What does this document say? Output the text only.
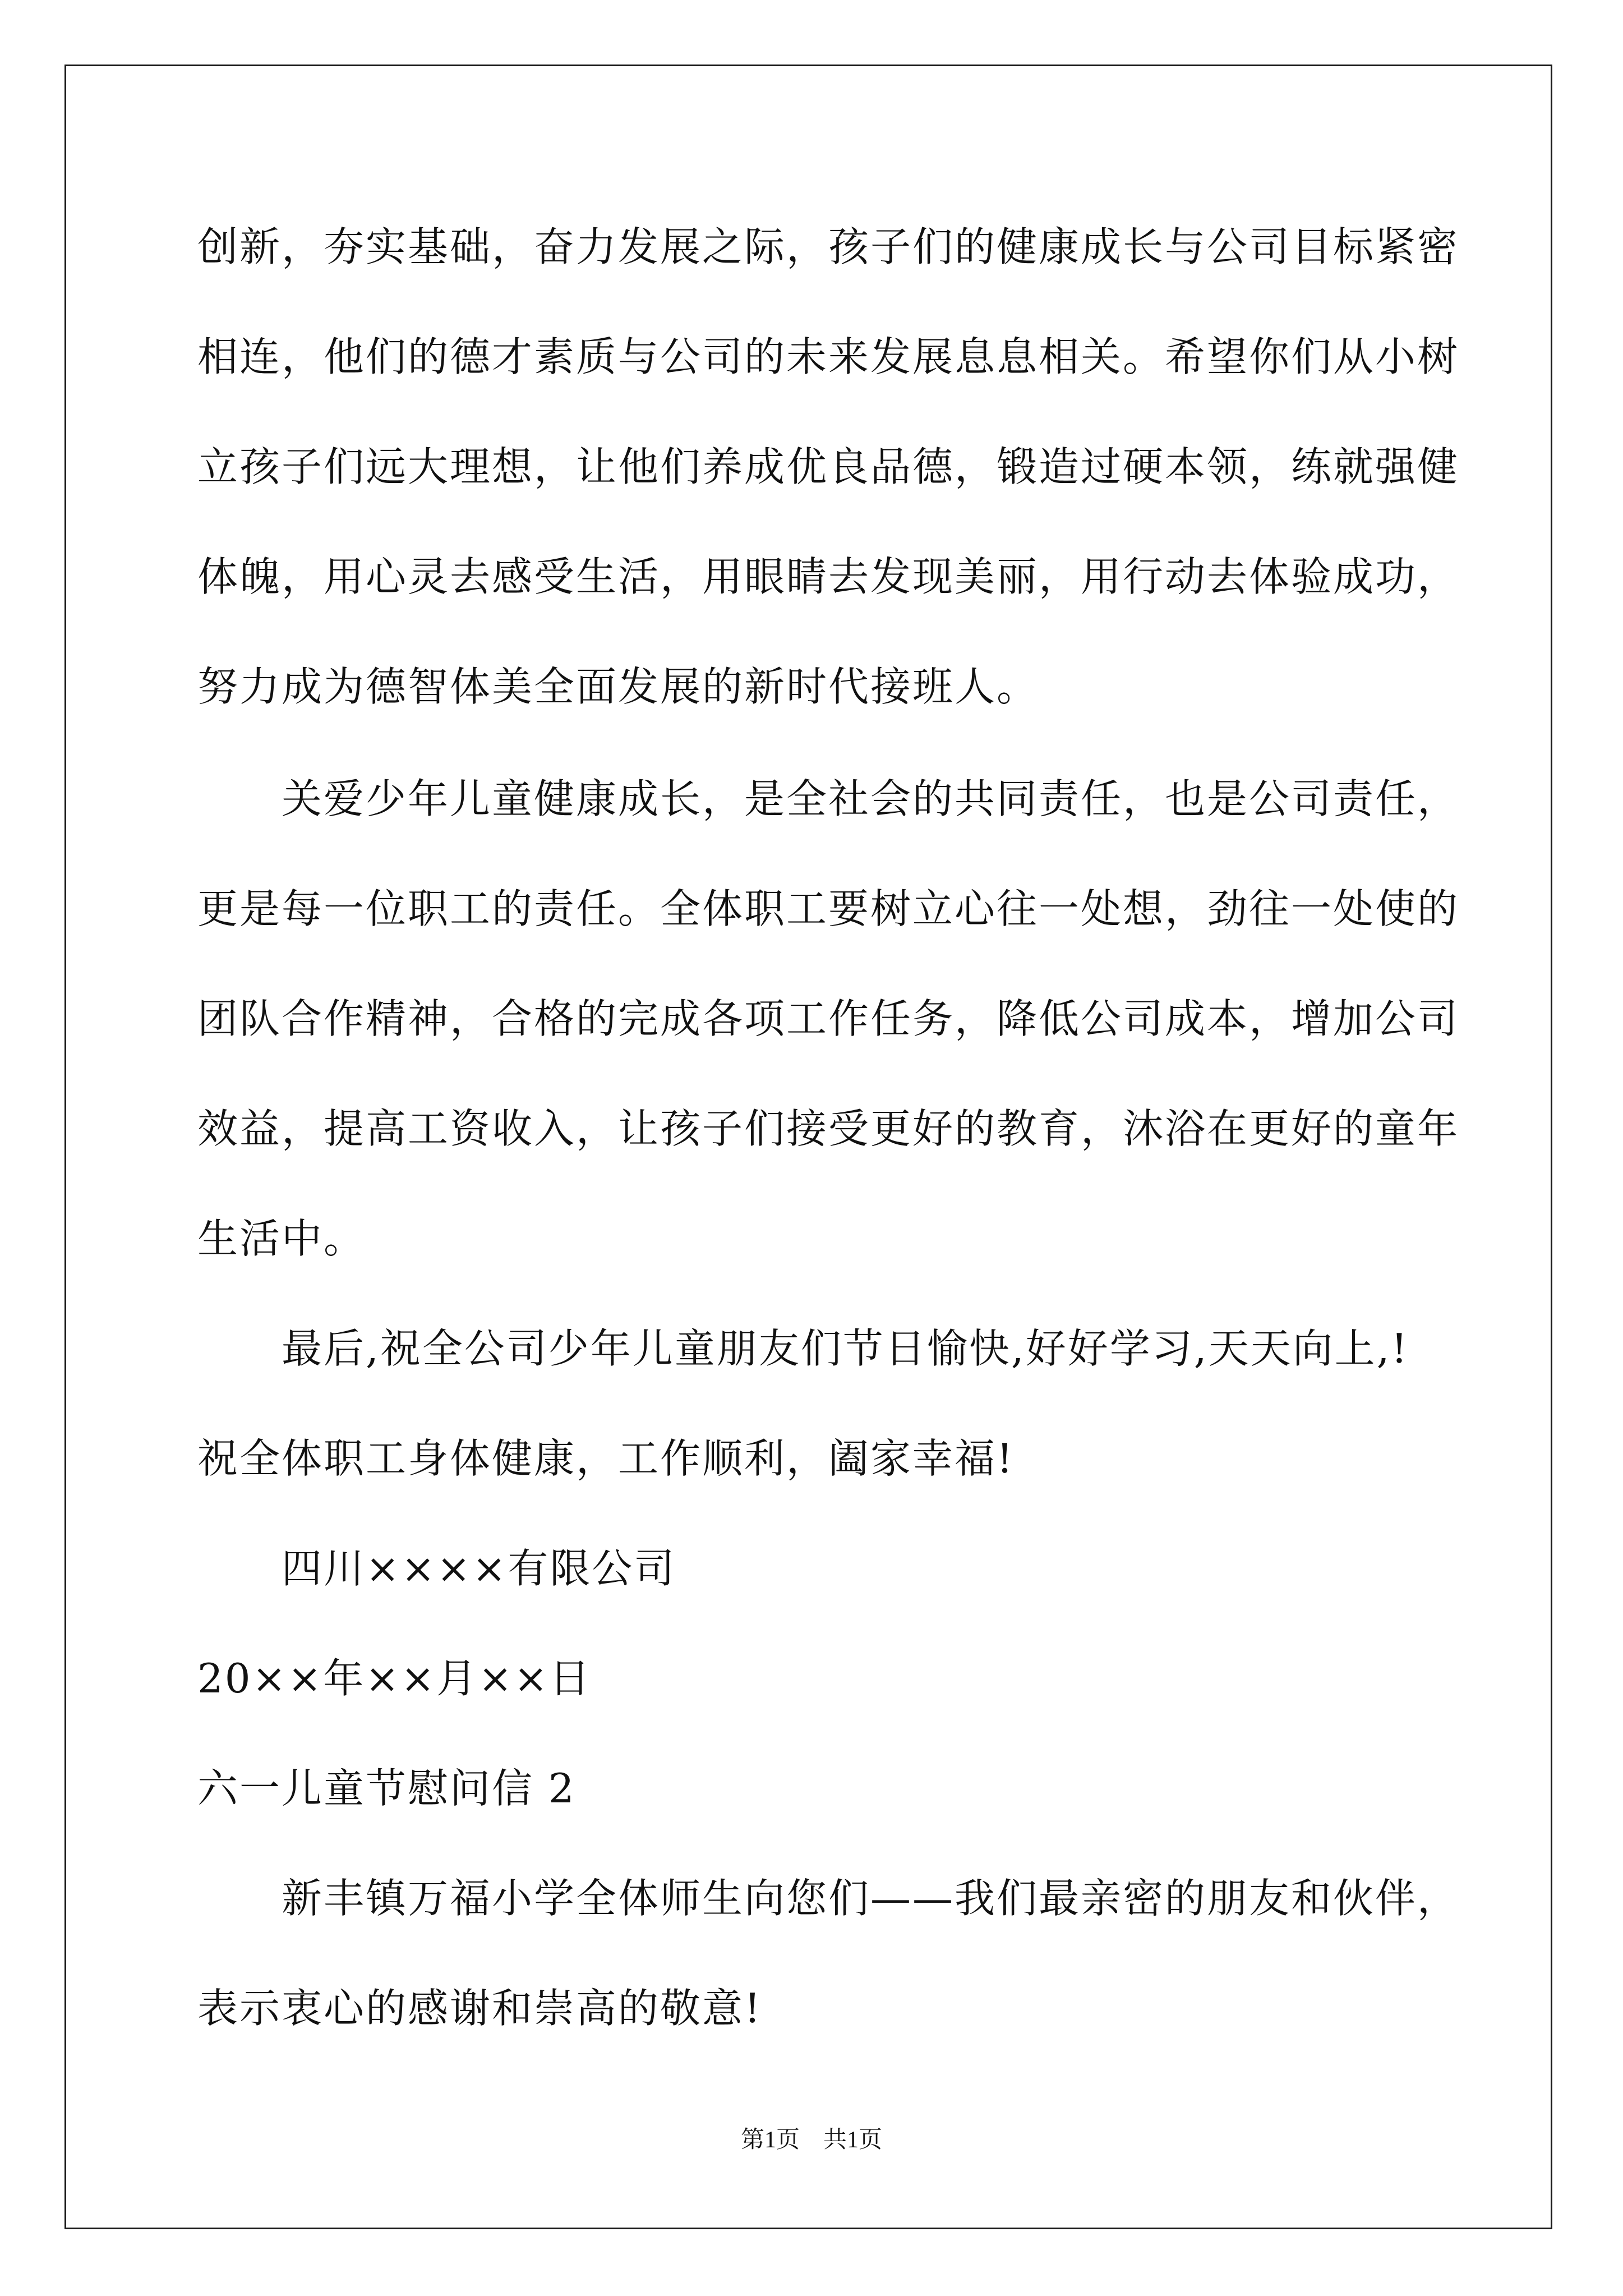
创新，夯实基础，奋力发展之际，孩子们的健康成长与公司目标紧密
相连，他们的德才素质与公司的未来发展息息相关。希望你们从小树
立孩子们远大理想，让他们养成优良品德，锻造过硬本领，练就强健
体魄，用心灵去感受生活，用眼睛去发现美丽，用行动去体验成功，
努力成为德智体美全面发展的新时代接班人。
关爱少年儿童健康成长，是全社会的共同责任，也是公司责任，
更是每一位职工的责任。全体职工要树立心往一处想，劲往一处使的
团队合作精神，合格的完成各项工作任务，降低公司成本，增加公司
效益，提高工资收入，让孩子们接受更好的教育，沐浴在更好的童年
生活中。
最后,祝全公司少年儿童朋友们节日愉快,好好学习,天天向上,!
祝全体职工身体健康，工作顺利，阖家幸福!
四川××××有限公司
20××年××月××日
六一儿童节慰问信 2
新丰镇万福小学全体师生向您们——我们最亲密的朋友和伙伴，
表示衷心的感谢和崇高的敬意!
第1页　共1页
